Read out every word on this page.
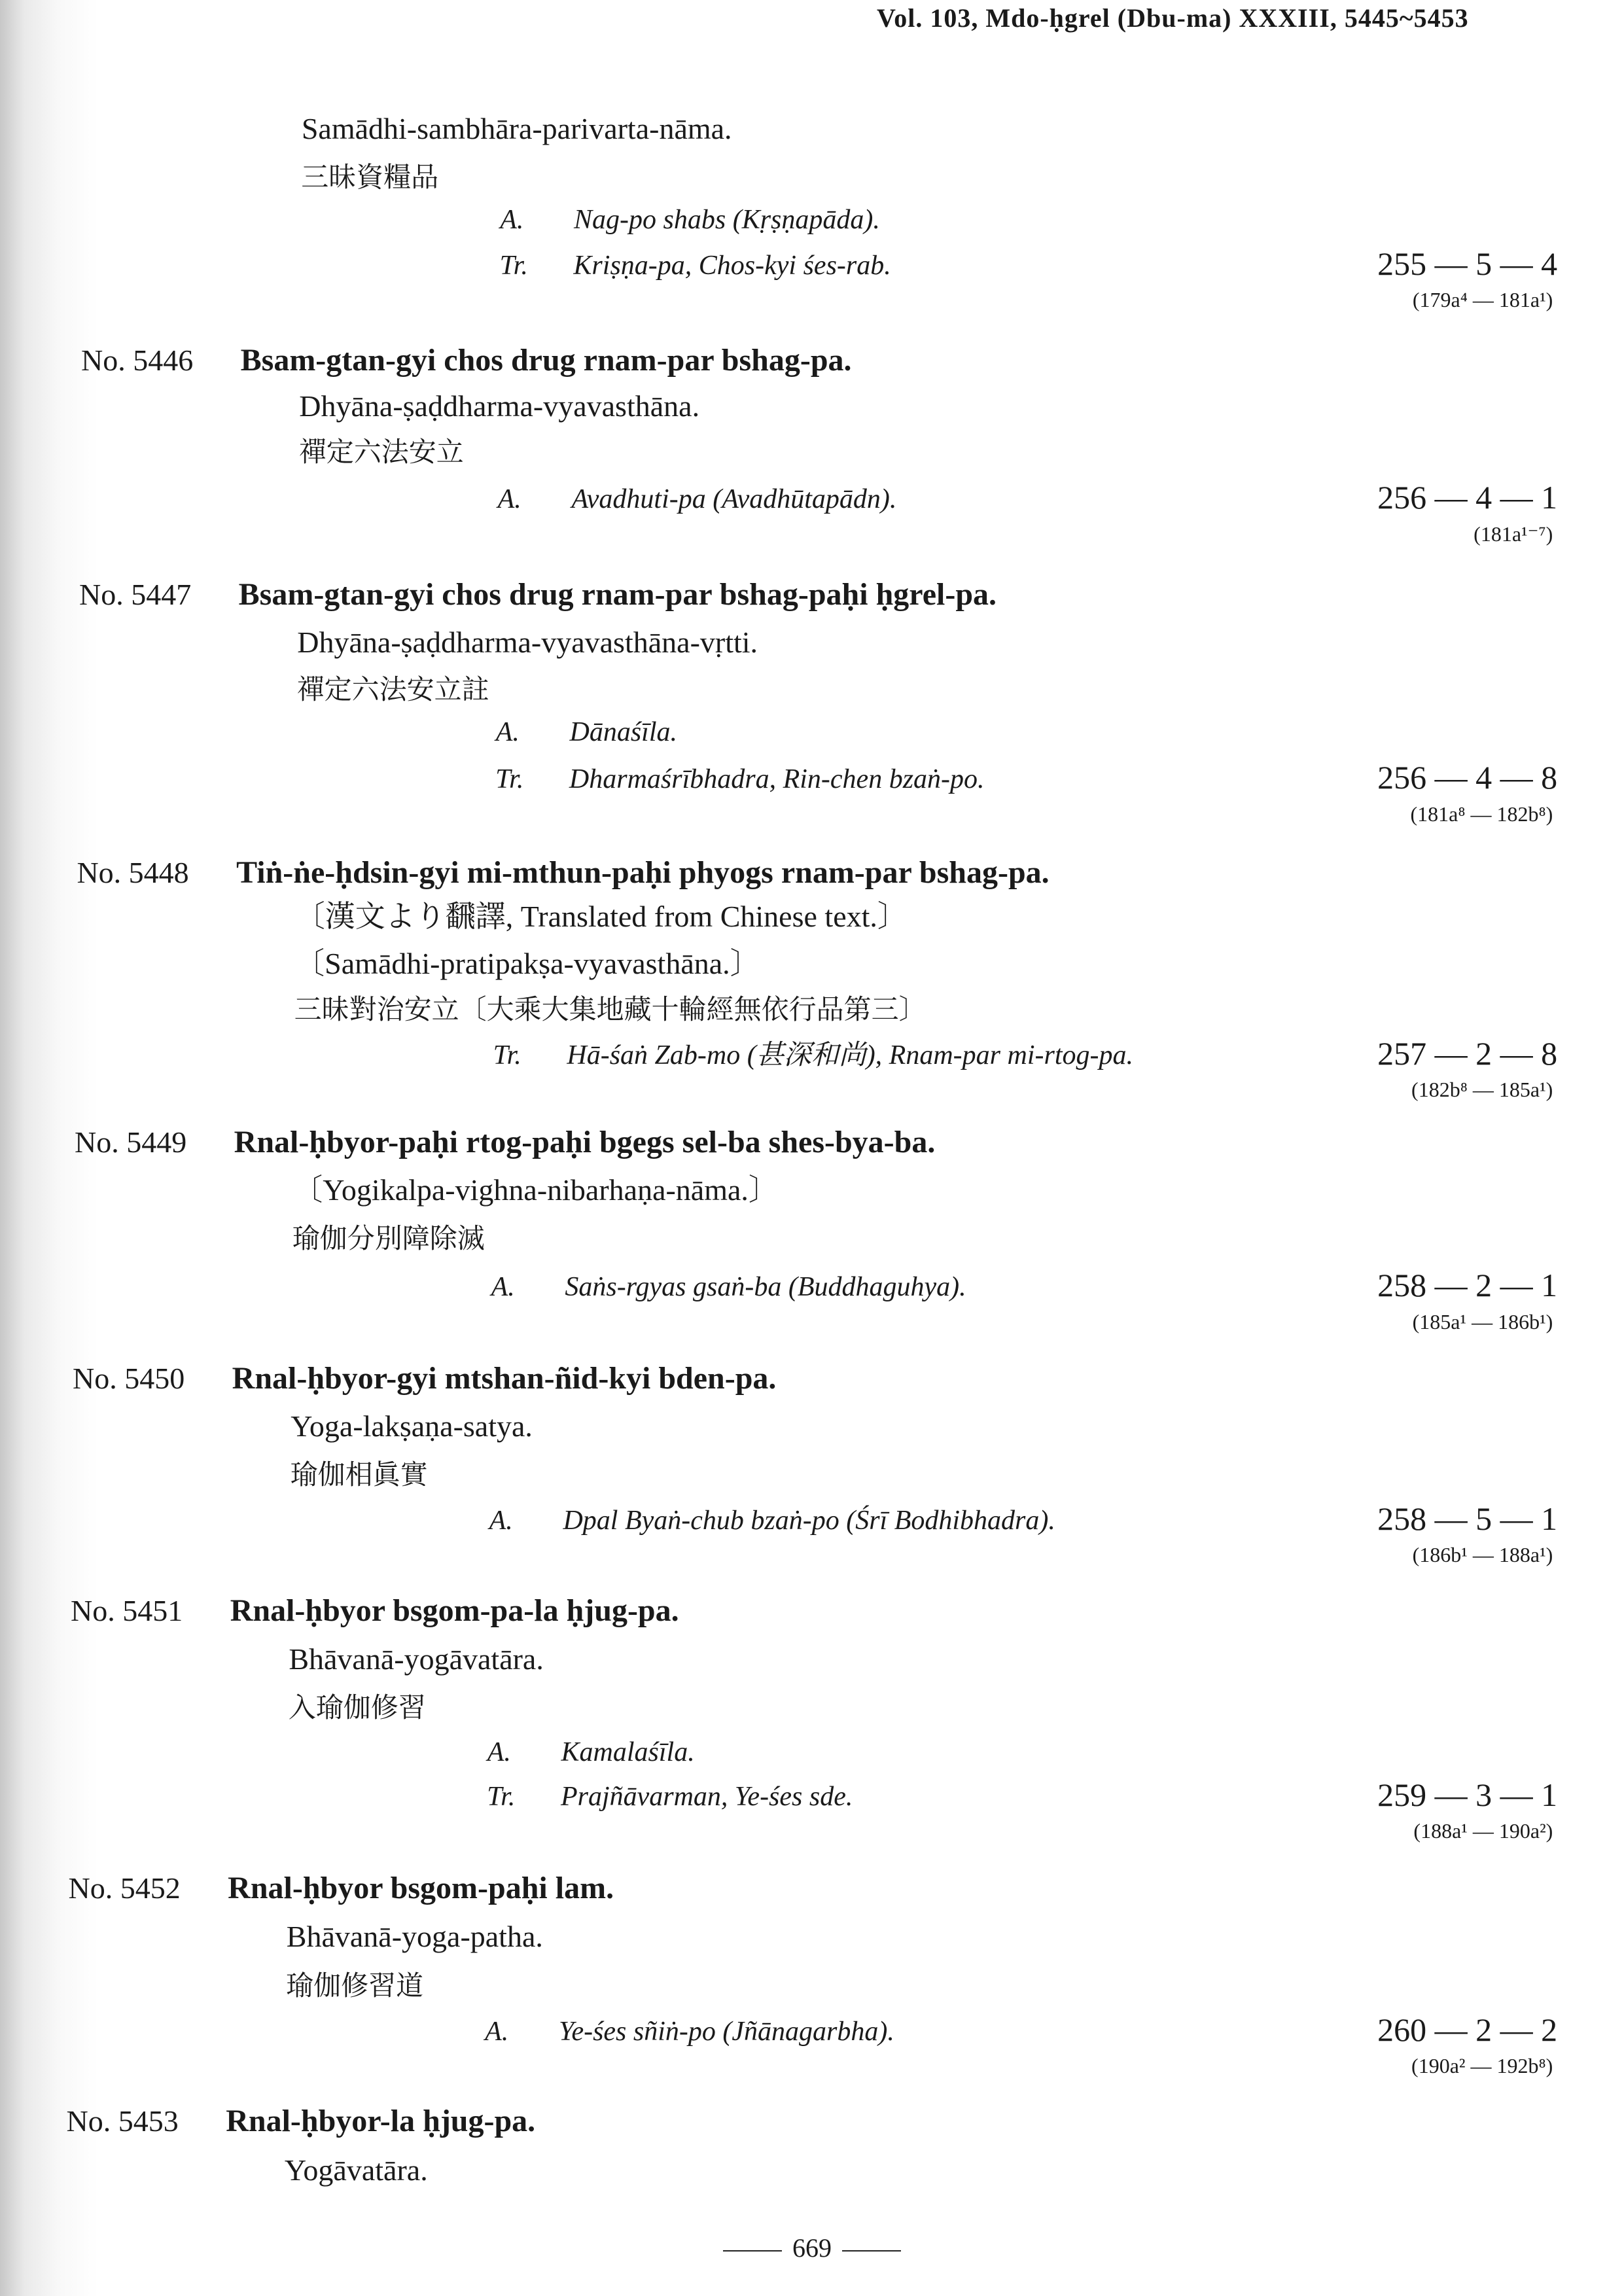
Vol. 103, Mdo-ḥgrel (Dbu-ma) XXXIII, 5445~5453
Samādhi-sambhāra-parivarta-nāma.
三昧資糧品
A. Nag-po shabs (Kṛṣṇapāda).
Tr. Kriṣṇa-pa, Chos-kyi śes-rab.	255 — 5 — 4
(179a⁴ — 181a¹)
No. 5446 Bsam-gtan-gyi chos drug rnam-par bshag-pa.
Dhyāna-ṣaḍdharma-vyavasthāna.
禪定六法安立
A. Avadhuti-pa (Avadhūtapādn).	256 — 4 — 1
(181a¹⁻⁷)
No. 5447 Bsam-gtan-gyi chos drug rnam-par bshag-paḥi ḥgrel-pa.
Dhyāna-ṣaḍdharma-vyavasthāna-vṛtti.
禪定六法安立註
A. Dānaśīla.
Tr. Dharmaśrībhadra, Rin-chen bzaṅ-po.	256 — 4 — 8
(181a⁸ — 182b⁸)
No. 5448 Tiṅ-ṅe-ḥdsin-gyi mi-mthun-paḥi phyogs rnam-par bshag-pa.
〔漢文より飜譯, Translated from Chinese text.〕
〔Samādhi-pratipakṣa-vyavasthāna.〕
三昧對治安立〔大乘大集地藏十輪經無依行品第三〕
Tr. Hā-śaṅ Zab-mo (甚深和尚), Rnam-par mi-rtog-pa.	257 — 2 — 8
(182b⁸ — 185a¹)
No. 5449 Rnal-ḥbyor-paḥi rtog-paḥi bgegs sel-ba shes-bya-ba.
〔Yogikalpa-vighna-nibarhaṇa-nāma.〕
瑜伽分別障除滅
A. Saṅs-rgyas gsaṅ-ba (Buddhaguhya).	258 — 2 — 1
(185a¹ — 186b¹)
No. 5450 Rnal-ḥbyor-gyi mtshan-ñid-kyi bden-pa.
Yoga-lakṣaṇa-satya.
瑜伽相眞實
A. Dpal Byaṅ-chub bzaṅ-po (Śrī Bodhibhadra).	258 — 5 — 1
(186b¹ — 188a¹)
No. 5451 Rnal-ḥbyor bsgom-pa-la ḥjug-pa.
Bhāvanā-yogāvatāra.
入瑜伽修習
A. Kamalaśīla.
Tr. Prajñāvarman, Ye-śes sde.	259 — 3 — 1
(188a¹ — 190a²)
No. 5452 Rnal-ḥbyor bsgom-paḥi lam.
Bhāvanā-yoga-patha.
瑜伽修習道
A. Ye-śes sñiṅ-po (Jñānagarbha).	260 — 2 — 2
(190a² — 192b⁸)
No. 5453 Rnal-ḥbyor-la ḥjug-pa.
Yogāvatāra.
669
